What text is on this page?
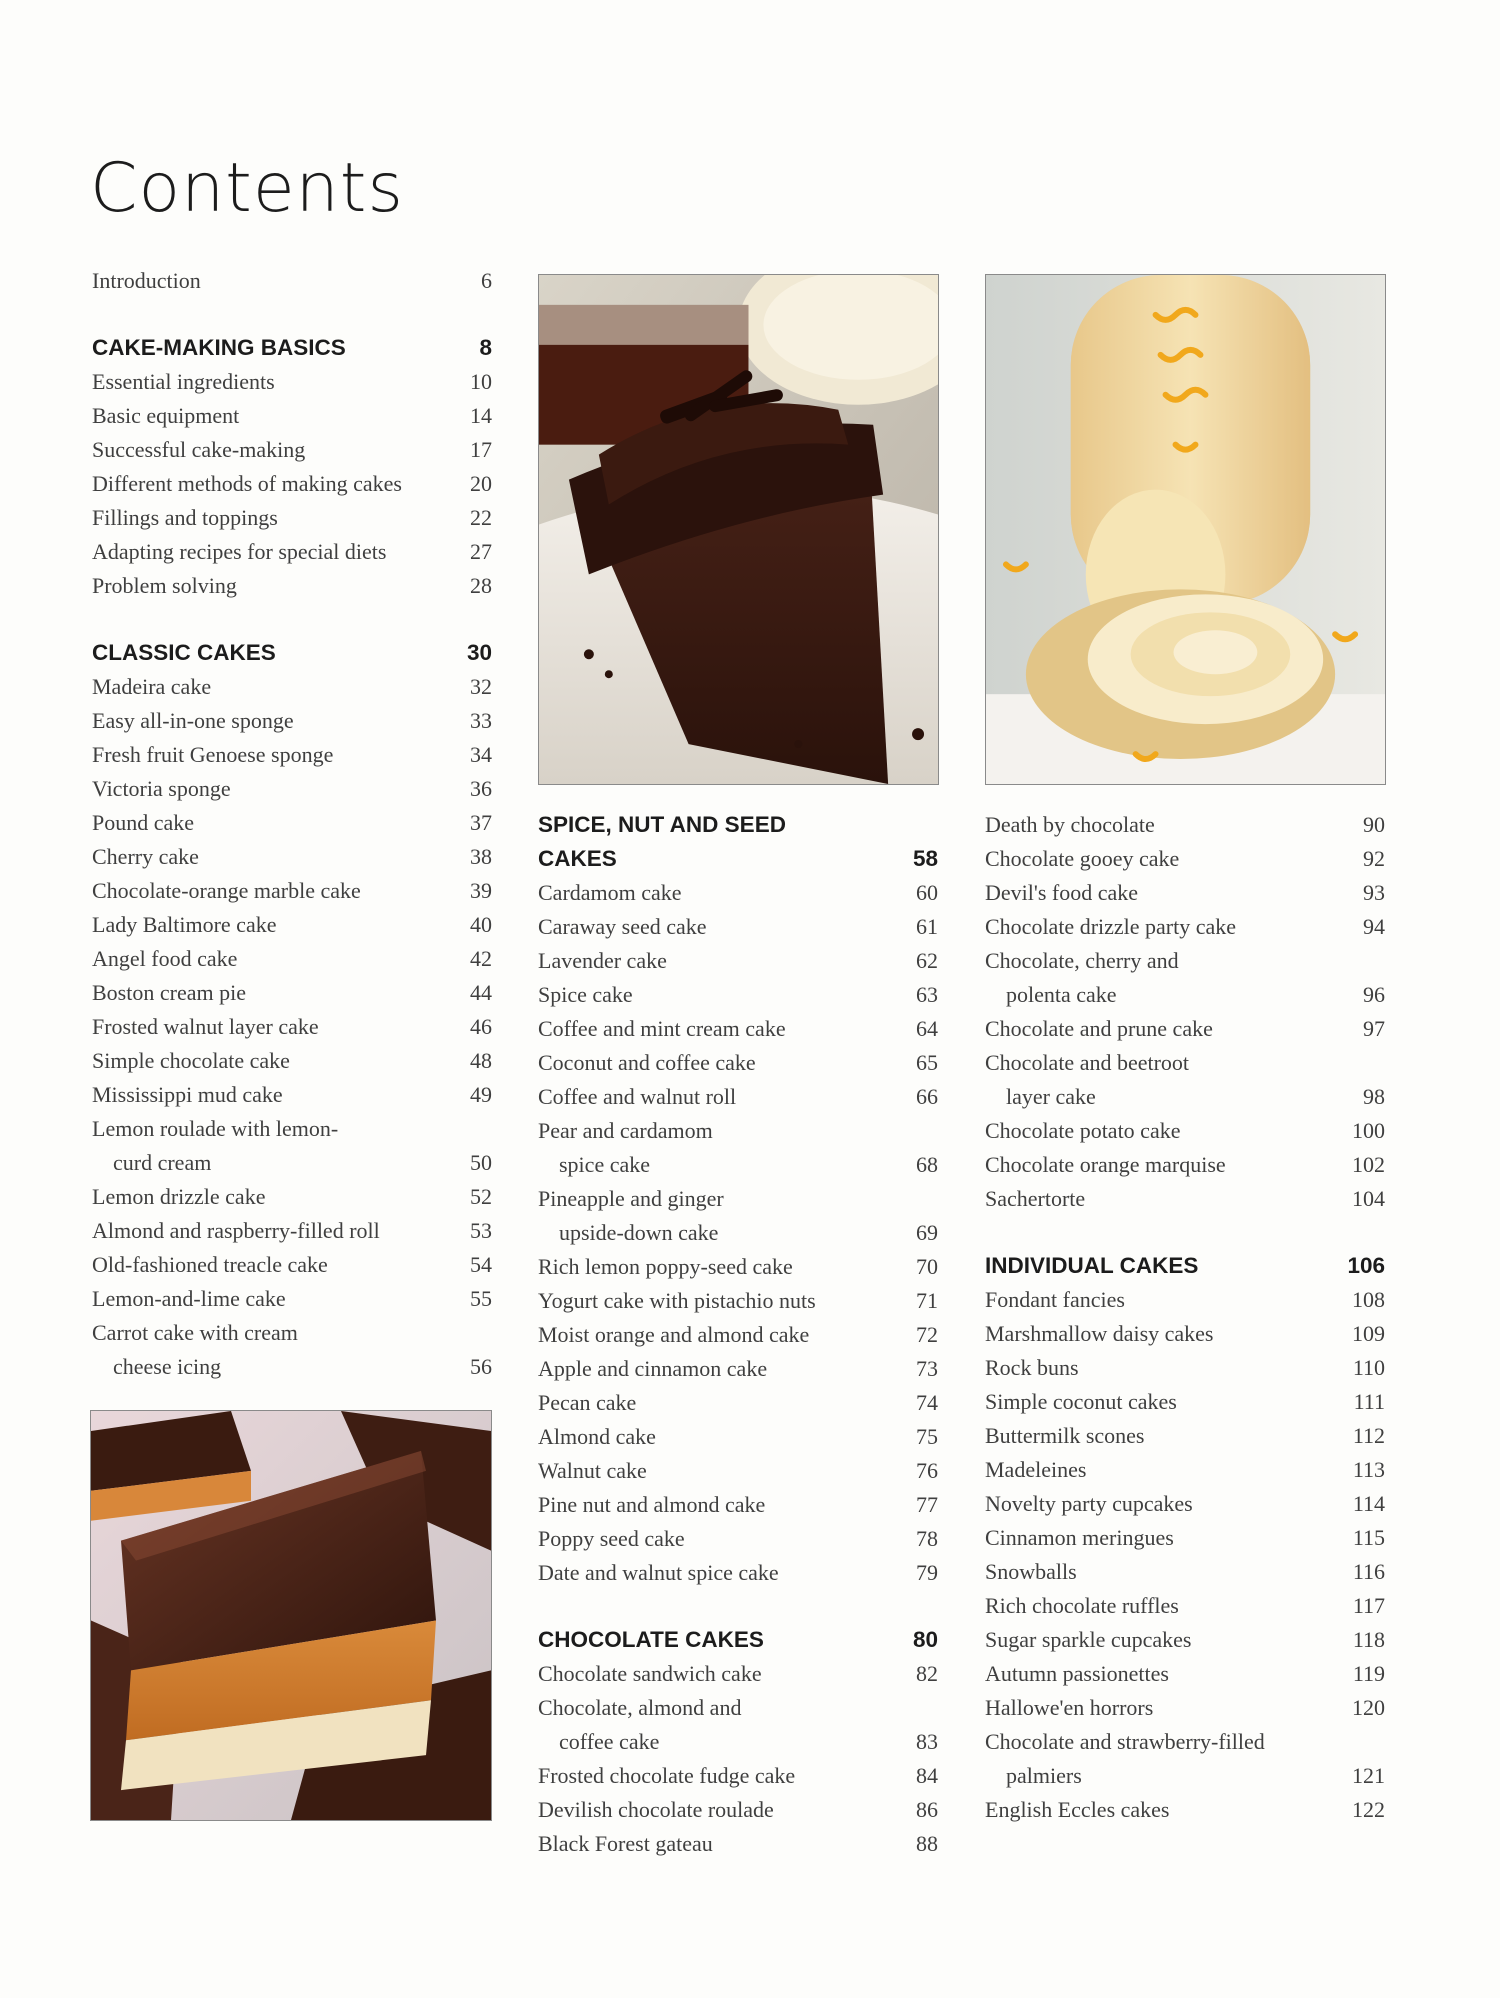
Contents
Introduction	6
CAKE-MAKING BASICS	8
Essential ingredients	10
Basic equipment	14
Successful cake-making	17
Different methods of making cakes	20
Fillings and toppings	22
Adapting recipes for special diets	27
Problem solving	28
CLASSIC CAKES	30
Madeira cake	32
Easy all-in-one sponge	33
Fresh fruit Genoese sponge	34
Victoria sponge	36
Pound cake	37
Cherry cake	38
Chocolate-orange marble cake	39
Lady Baltimore cake	40
Angel food cake	42
Boston cream pie	44
Frosted walnut layer cake	46
Simple chocolate cake	48
Mississippi mud cake	49
Lemon roulade with lemon-
curd cream	50
Lemon drizzle cake	52
Almond and raspberry-filled roll	53
Old-fashioned treacle cake	54
Lemon-and-lime cake	55
Carrot cake with cream
cheese icing	56
SPICE, NUT AND SEED CAKES	58
Cardamom cake	60
Caraway seed cake	61
Lavender cake	62
Spice cake	63
Coffee and mint cream cake	64
Coconut and coffee cake	65
Coffee and walnut roll	66
Pear and cardamom
spice cake	68
Pineapple and ginger
upside-down cake	69
Rich lemon poppy-seed cake	70
Yogurt cake with pistachio nuts	71
Moist orange and almond cake	72
Apple and cinnamon cake	73
Pecan cake	74
Almond cake	75
Walnut cake	76
Pine nut and almond cake	77
Poppy seed cake	78
Date and walnut spice cake	79
CHOCOLATE CAKES	80
Chocolate sandwich cake	82
Chocolate, almond and
coffee cake	83
Frosted chocolate fudge cake	84
Devilish chocolate roulade	86
Black Forest gateau	88
Death by chocolate	90
Chocolate gooey cake	92
Devil's food cake	93
Chocolate drizzle party cake	94
Chocolate, cherry and
polenta cake	96
Chocolate and prune cake	97
Chocolate and beetroot
layer cake	98
Chocolate potato cake	100
Chocolate orange marquise	102
Sachertorte	104
INDIVIDUAL CAKES	106
Fondant fancies	108
Marshmallow daisy cakes	109
Rock buns	110
Simple coconut cakes	111
Buttermilk scones	112
Madeleines	113
Novelty party cupcakes	114
Cinnamon meringues	115
Snowballs	116
Rich chocolate ruffles	117
Sugar sparkle cupcakes	118
Autumn passionettes	119
Hallowe'en horrors	120
Chocolate and strawberry-filled
palmiers	121
English Eccles cakes	122
